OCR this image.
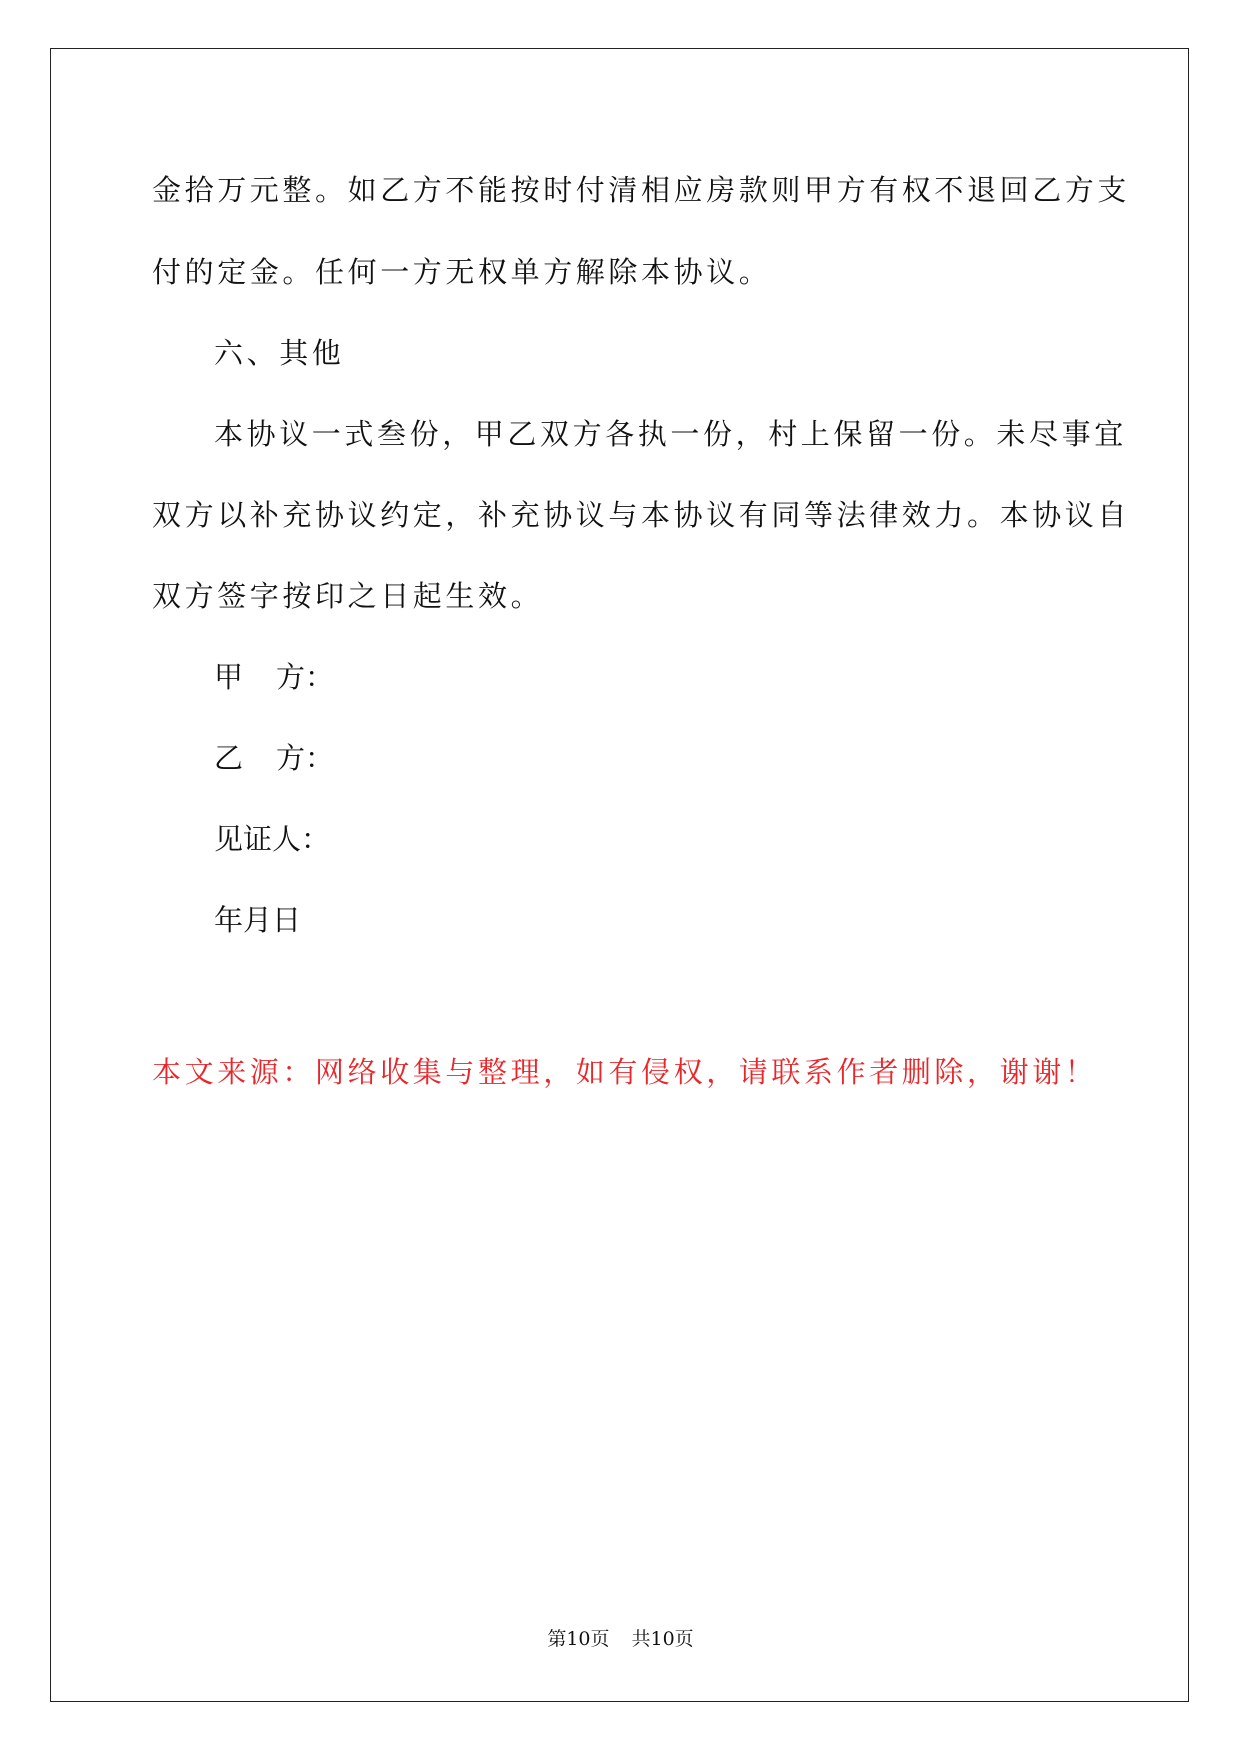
金拾万元整。如乙方不能按时付清相应房款则甲方有权不退回乙方支
付的定金。任何一方无权单方解除本协议。
六、其他
本协议一式叁份，甲乙双方各执一份，村上保留一份。未尽事宜
双方以补充协议约定，补充协议与本协议有同等法律效力。本协议自
双方签字按印之日起生效。
甲 方：
乙 方：
见证人：
年月日
本文来源：网络收集与整理，如有侵权，请联系作者删除，谢谢！
第10页 共10页
